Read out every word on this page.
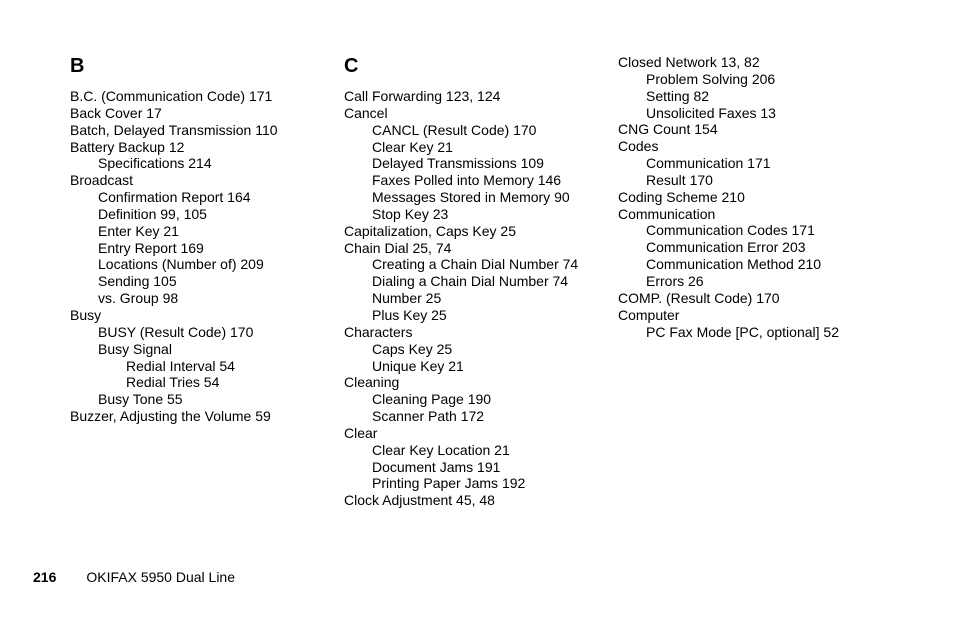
B
B.C. (Communication Code) 171
Back Cover 17
Batch, Delayed Transmission 110
Battery Backup 12
Specifications 214
Broadcast
Confirmation Report 164
Definition 99, 105
Enter Key 21
Entry Report 169
Locations (Number of) 209
Sending 105
vs. Group 98
Busy
BUSY (Result Code) 170
Busy Signal
Redial Interval 54
Redial Tries 54
Busy Tone 55
Buzzer, Adjusting the Volume 59
C
Call Forwarding 123, 124
Cancel
CANCL (Result Code) 170
Clear Key 21
Delayed Transmissions 109
Faxes Polled into Memory 146
Messages Stored in Memory 90
Stop Key 23
Capitalization, Caps Key 25
Chain Dial 25, 74
Creating a Chain Dial Number 74
Dialing a Chain Dial Number 74
Number 25
Plus Key 25
Characters
Caps Key 25
Unique Key 21
Cleaning
Cleaning Page 190
Scanner Path 172
Clear
Clear Key Location 21
Document Jams 191
Printing Paper Jams 192
Clock Adjustment 45, 48
Closed Network 13, 82
Problem Solving 206
Setting 82
Unsolicited Faxes 13
CNG Count 154
Codes
Communication 171
Result 170
Coding Scheme 210
Communication
Communication Codes 171
Communication Error 203
Communication Method 210
Errors 26
COMP. (Result Code) 170
Computer
PC Fax Mode [PC, optional] 52
216 OKIFAX 5950 Dual Line
